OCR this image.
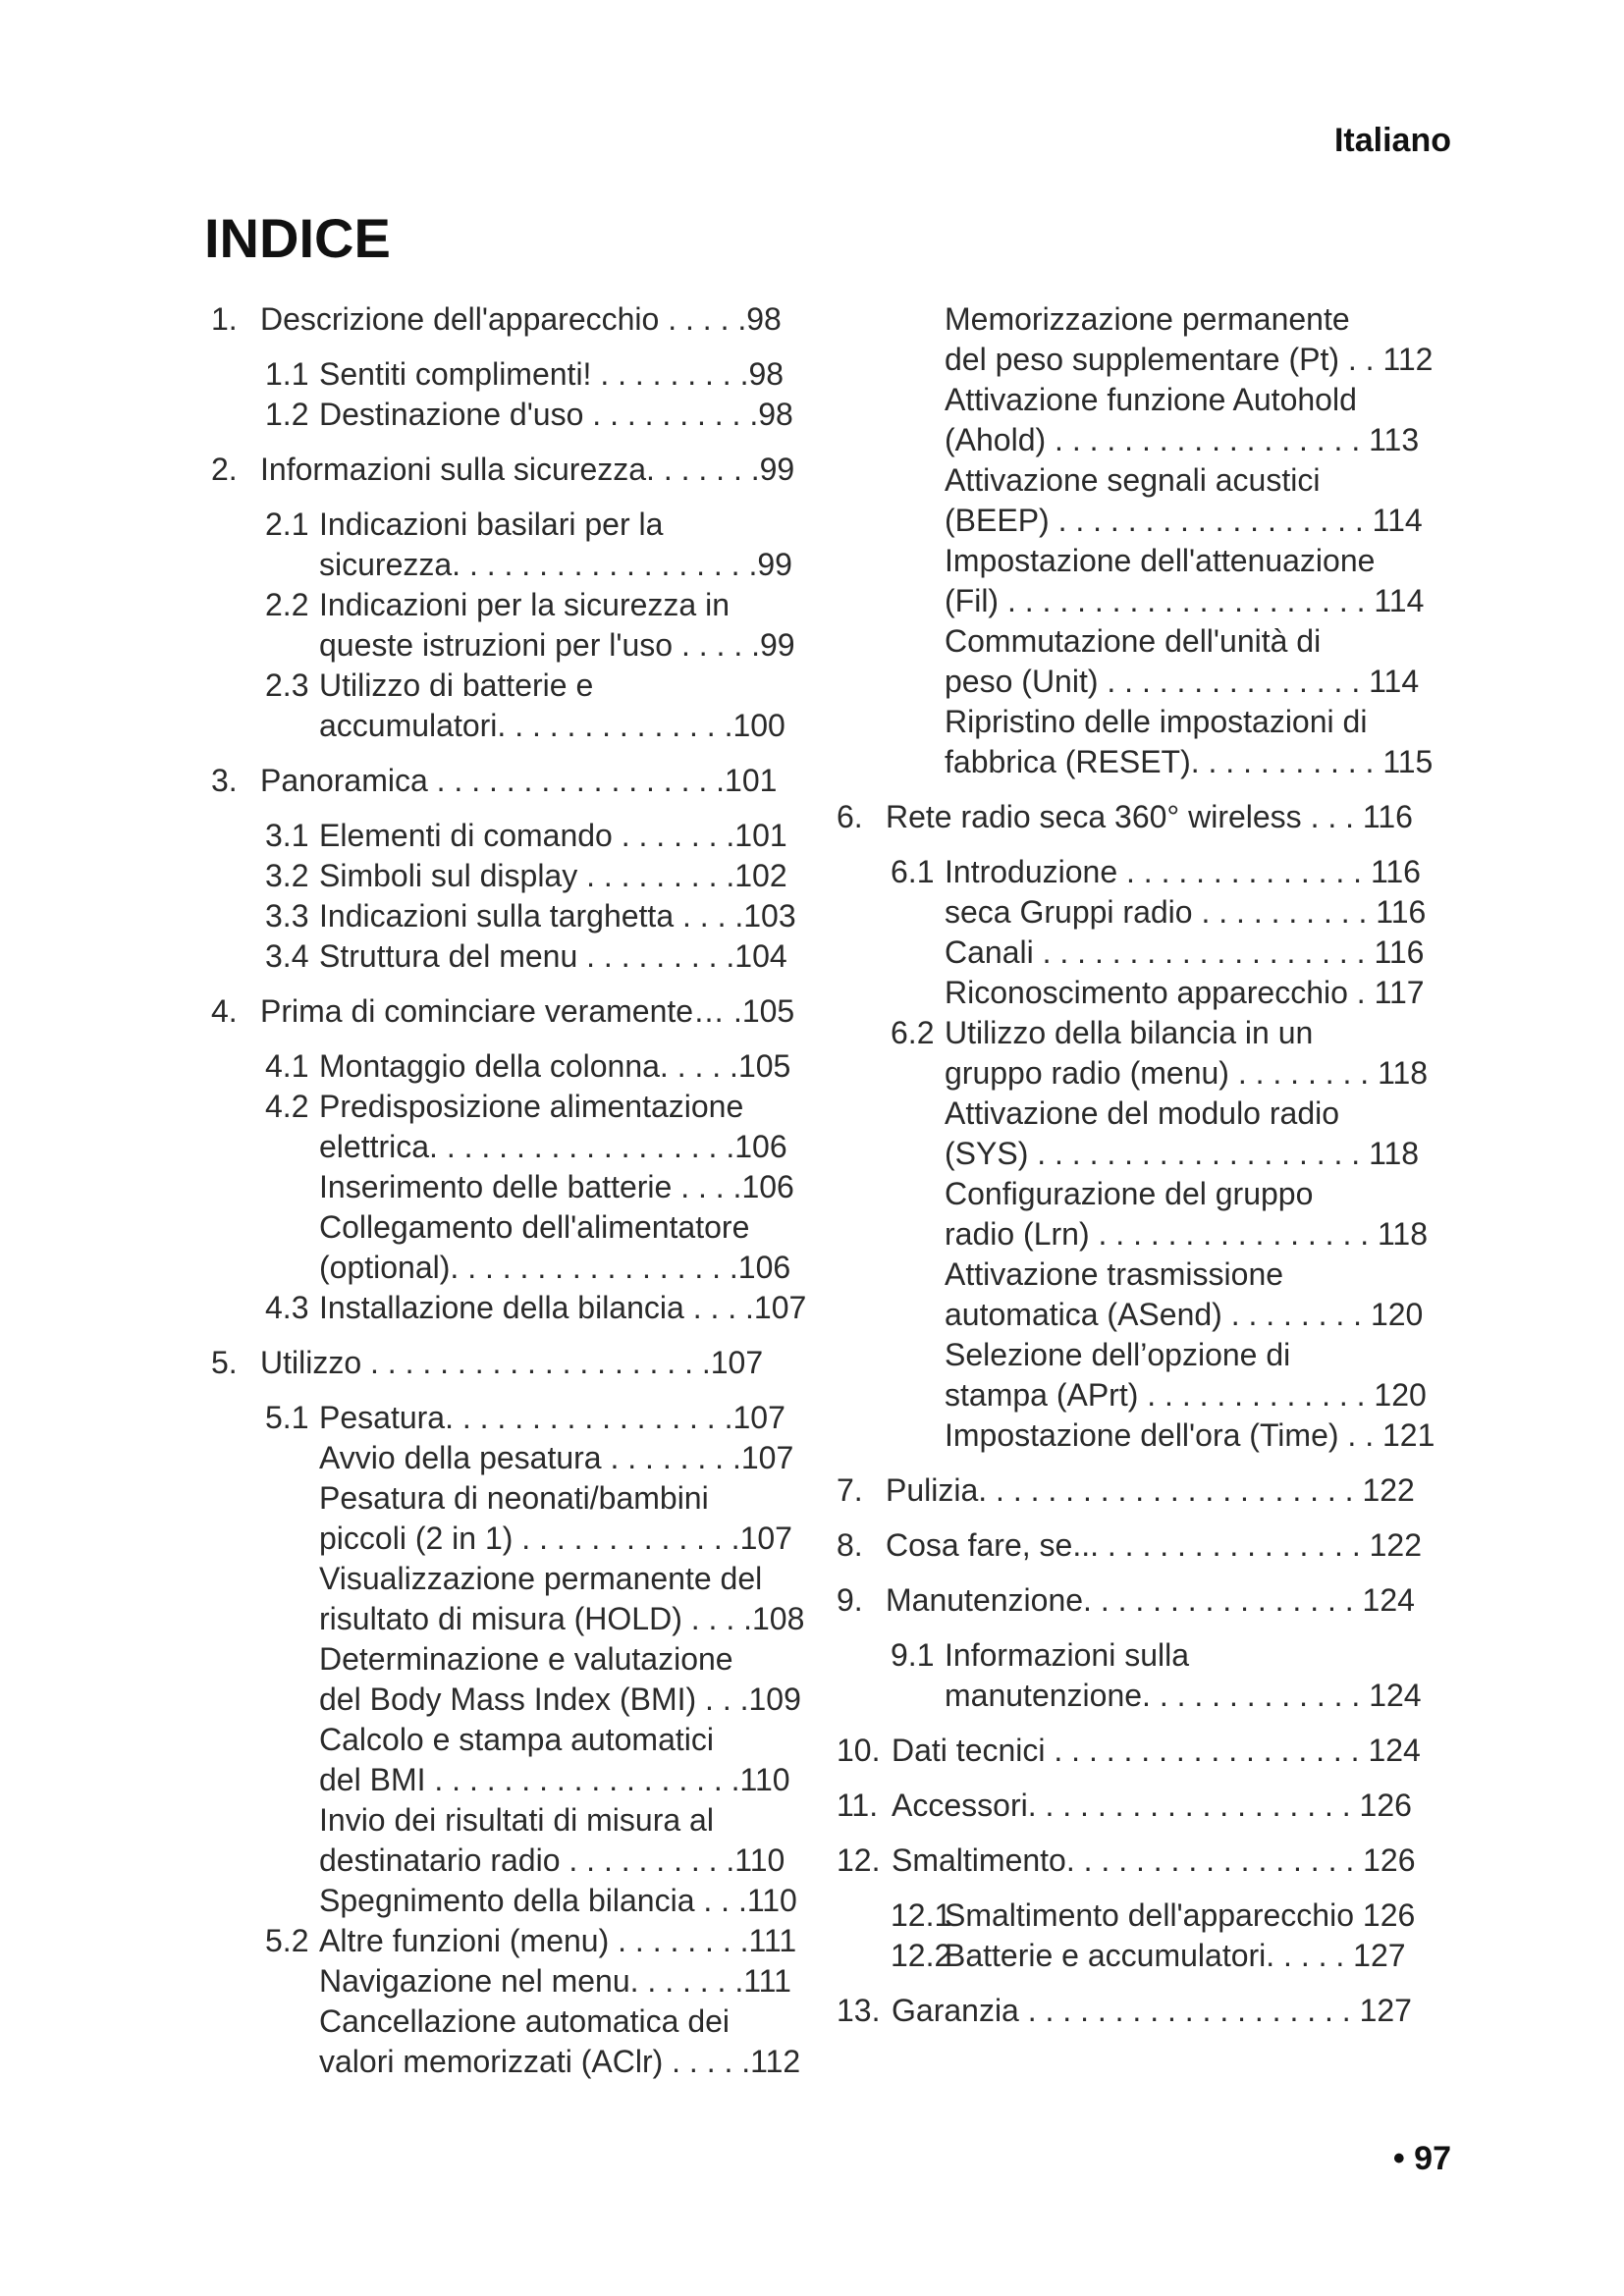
Italiano
INDICE
1. Descrizione dell'apparecchio . . . . .98
1.1 Sentiti complimenti! . . . . . . . . .98
1.2 Destinazione d'uso . . . . . . . . . .98
2. Informazioni sulla sicurezza. . . . . . .99
2.1 Indicazioni basilari per la
sicurezza. . . . . . . . . . . . . . . . . .99
2.2 Indicazioni per la sicurezza in
queste istruzioni per l'uso . . . . .99
2.3 Utilizzo di batterie e
accumulatori. . . . . . . . . . . . . .100
3. Panoramica . . . . . . . . . . . . . . . . .101
3.1 Elementi di comando . . . . . . .101
3.2 Simboli sul display . . . . . . . . .102
3.3 Indicazioni sulla targhetta . . . .103
3.4 Struttura del menu . . . . . . . . .104
4. Prima di cominciare veramente… .105
4.1 Montaggio della colonna. . . . .105
4.2 Predisposizione alimentazione
elettrica. . . . . . . . . . . . . . . . . .106
Inserimento delle batterie . . . .106
Collegamento dell'alimentatore
(optional). . . . . . . . . . . . . . . . .106
4.3 Installazione della bilancia . . . .107
5. Utilizzo . . . . . . . . . . . . . . . . . . . .107
5.1 Pesatura. . . . . . . . . . . . . . . . .107
Avvio della pesatura . . . . . . . .107
Pesatura di neonati/bambini
piccoli (2 in 1) . . . . . . . . . . . . .107
Visualizzazione permanente del
risultato di misura (HOLD) . . . .108
Determinazione e valutazione
del Body Mass Index (BMI) . . .109
Calcolo e stampa automatici
del BMI . . . . . . . . . . . . . . . . . .110
Invio dei risultati di misura al
destinatario radio . . . . . . . . . .110
Spegnimento della bilancia . . .110
5.2 Altre funzioni (menu) . . . . . . . .111
Navigazione nel menu. . . . . . .111
Cancellazione automatica dei
valori memorizzati (AClr) . . . . .112
Memorizzazione permanente
del peso supplementare (Pt) . . 112
Attivazione funzione Autohold
(Ahold) . . . . . . . . . . . . . . . . . . 113
Attivazione segnali acustici
(BEEP) . . . . . . . . . . . . . . . . . . 114
Impostazione dell'attenuazione
(Fil) . . . . . . . . . . . . . . . . . . . . . 114
Commutazione dell'unità di
peso (Unit) . . . . . . . . . . . . . . . 114
Ripristino delle impostazioni di
fabbrica (RESET). . . . . . . . . . . 115
6. Rete radio seca 360° wireless . . . 116
6.1 Introduzione . . . . . . . . . . . . . . 116
seca Gruppi radio . . . . . . . . . . 116
Canali . . . . . . . . . . . . . . . . . . . 116
Riconoscimento apparecchio . 117
6.2 Utilizzo della bilancia in un
gruppo radio (menu) . . . . . . . . 118
Attivazione del modulo radio
(SYS) . . . . . . . . . . . . . . . . . . . 118
Configurazione del gruppo
radio (Lrn) . . . . . . . . . . . . . . . . 118
Attivazione trasmissione
automatica (ASend) . . . . . . . . 120
Selezione dell’opzione di
stampa (APrt) . . . . . . . . . . . . . 120
Impostazione dell'ora (Time) . . 121
7. Pulizia. . . . . . . . . . . . . . . . . . . . . . 122
8. Cosa fare, se... . . . . . . . . . . . . . . . 122
9. Manutenzione. . . . . . . . . . . . . . . . 124
9.1 Informazioni sulla
manutenzione. . . . . . . . . . . . . 124
10. Dati tecnici . . . . . . . . . . . . . . . . . . 124
11. Accessori. . . . . . . . . . . . . . . . . . . 126
12. Smaltimento. . . . . . . . . . . . . . . . . 126
12.1
Smaltimento dell'apparecchio 126
12.2
Batterie e accumulatori. . . . . 127
13. Garanzia . . . . . . . . . . . . . . . . . . . 127
• 97
